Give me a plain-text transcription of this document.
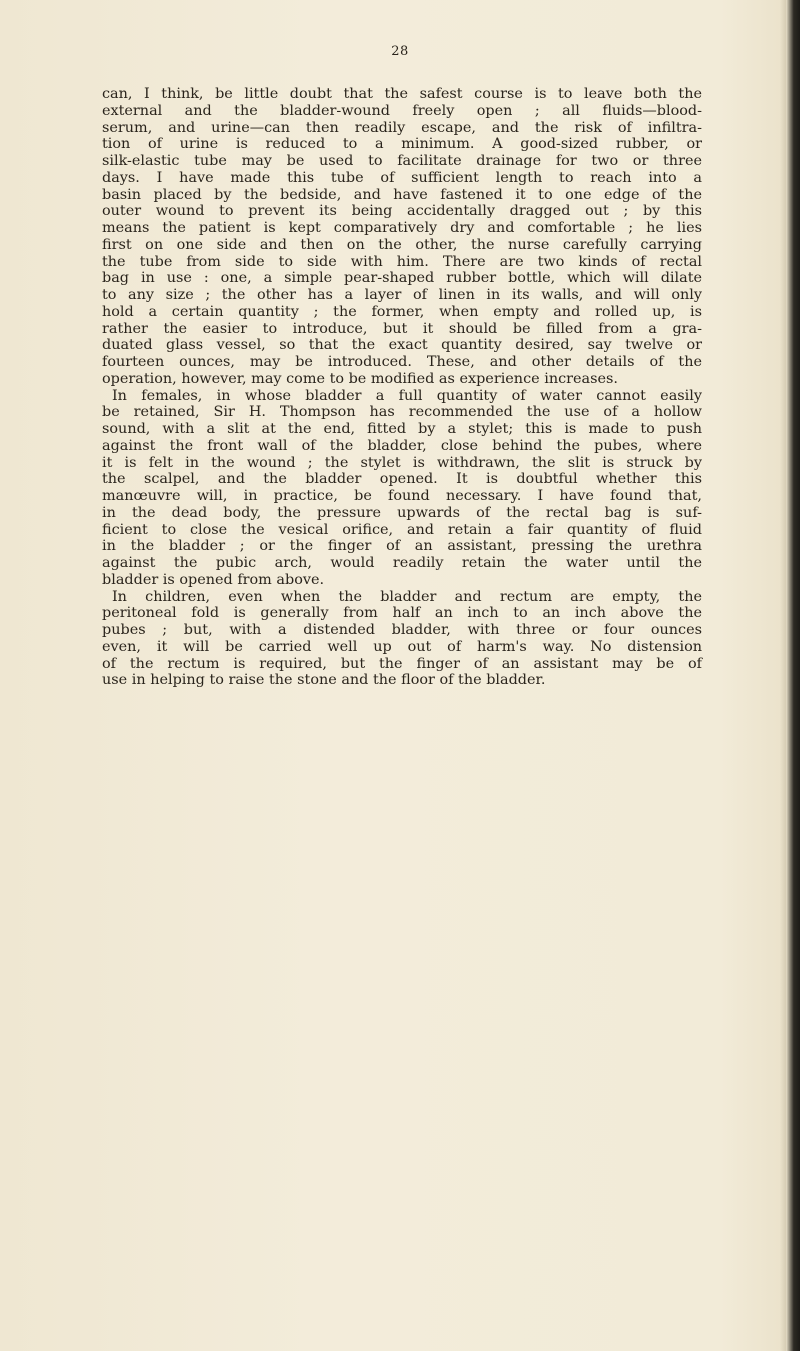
28
can, I think, be little doubt that the safest course is to leave both the
external and the bladder-wound freely open ; all fluids—blood-
serum, and urine—can then readily escape, and the risk of infiltra-
tion of urine is reduced to a minimum. A good-sized rubber, or
silk-elastic tube may be used to facilitate drainage for two or three
days. I have made this tube of sufficient length to reach into a
basin placed by the bedside, and have fastened it to one edge of the
outer wound to prevent its being accidentally dragged out ; by this
means the patient is kept comparatively dry and comfortable ; he lies
first on one side and then on the other, the nurse carefully carrying
the tube from side to side with him. There are two kinds of rectal
bag in use : one, a simple pear-shaped rubber bottle, which will dilate
to any size ; the other has a layer of linen in its walls, and will only
hold a certain quantity ; the former, when empty and rolled up, is
rather the easier to introduce, but it should be filled from a gra-
duated glass vessel, so that the exact quantity desired, say twelve or
fourteen ounces, may be introduced. These, and other details of the
operation, however, may come to be modified as experience increases.
In females, in whose bladder a full quantity of water cannot easily
be retained, Sir H. Thompson has recommended the use of a hollow
sound, with a slit at the end, fitted by a stylet; this is made to push
against the front wall of the bladder, close behind the pubes, where
it is felt in the wound ; the stylet is withdrawn, the slit is struck by
the scalpel, and the bladder opened. It is doubtful whether this
manœuvre will, in practice, be found necessary. I have found that,
in the dead body, the pressure upwards of the rectal bag is suf-
ficient to close the vesical orifice, and retain a fair quantity of fluid
in the bladder ; or the finger of an assistant, pressing the urethra
against the pubic arch, would readily retain the water until the
bladder is opened from above.
In children, even when the bladder and rectum are empty, the
peritoneal fold is generally from half an inch to an inch above the
pubes ; but, with a distended bladder, with three or four ounces
even, it will be carried well up out of harm's way. No distension
of the rectum is required, but the finger of an assistant may be of
use in helping to raise the stone and the floor of the bladder.
